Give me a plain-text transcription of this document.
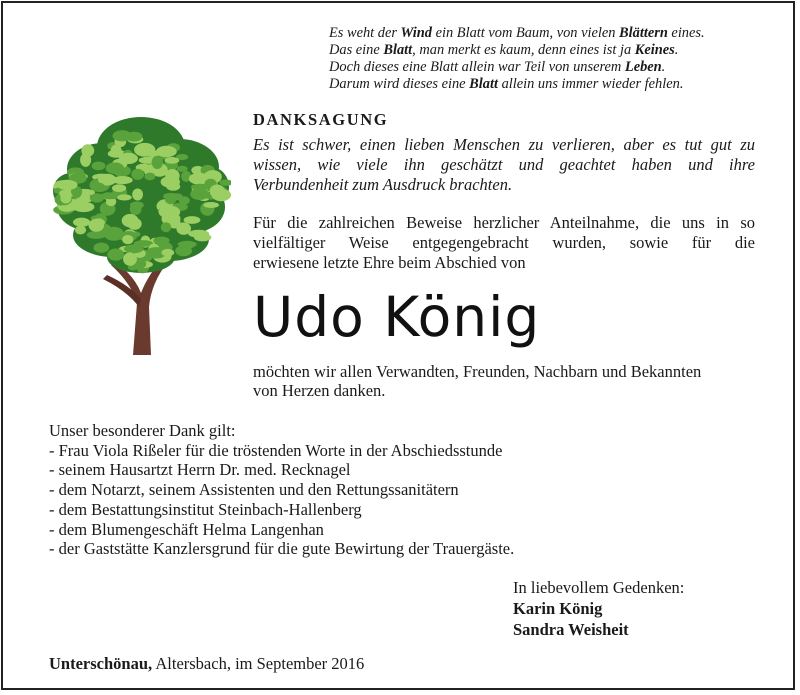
Es weht der Wind ein Blatt vom Baum, von vielen Blättern eines.
Das eine Blatt, man merkt es kaum, denn eines ist ja Keines.
Doch dieses eine Blatt allein war Teil von unserem Leben.
Darum wird dieses eine Blatt allein uns immer wieder fehlen.
DANKSAGUNG
Es ist schwer, einen lieben Menschen zu verlieren, aber es tut gut zu
wissen, wie viele ihn geschätzt und geachtet haben und ihre
Verbundenheit zum Ausdruck brachten.
Für die zahlreichen Beweise herzlicher Anteilnahme, die uns in so
vielfältiger Weise entgegengebracht wurden, sowie für die
erwiesene letzte Ehre beim Abschied von
Udo König
möchten wir allen Verwandten, Freunden, Nachbarn und Bekannten
von Herzen danken.
Unser besonderer Dank gilt:
- Frau Viola Rißeler für die tröstenden Worte in der Abschiedsstunde
- seinem Hausartzt Herrn Dr. med. Recknagel
- dem Notarzt, seinem Assistenten und den Rettungssanitätern
- dem Bestattungsinstitut Steinbach-Hallenberg
- dem Blumengeschäft Helma Langenhan
- der Gaststätte Kanzlersgrund für die gute Bewirtung der Trauergäste.
In liebevollem Gedenken:
Karin König
Sandra Weisheit
Unterschönau, Altersbach, im September 2016
